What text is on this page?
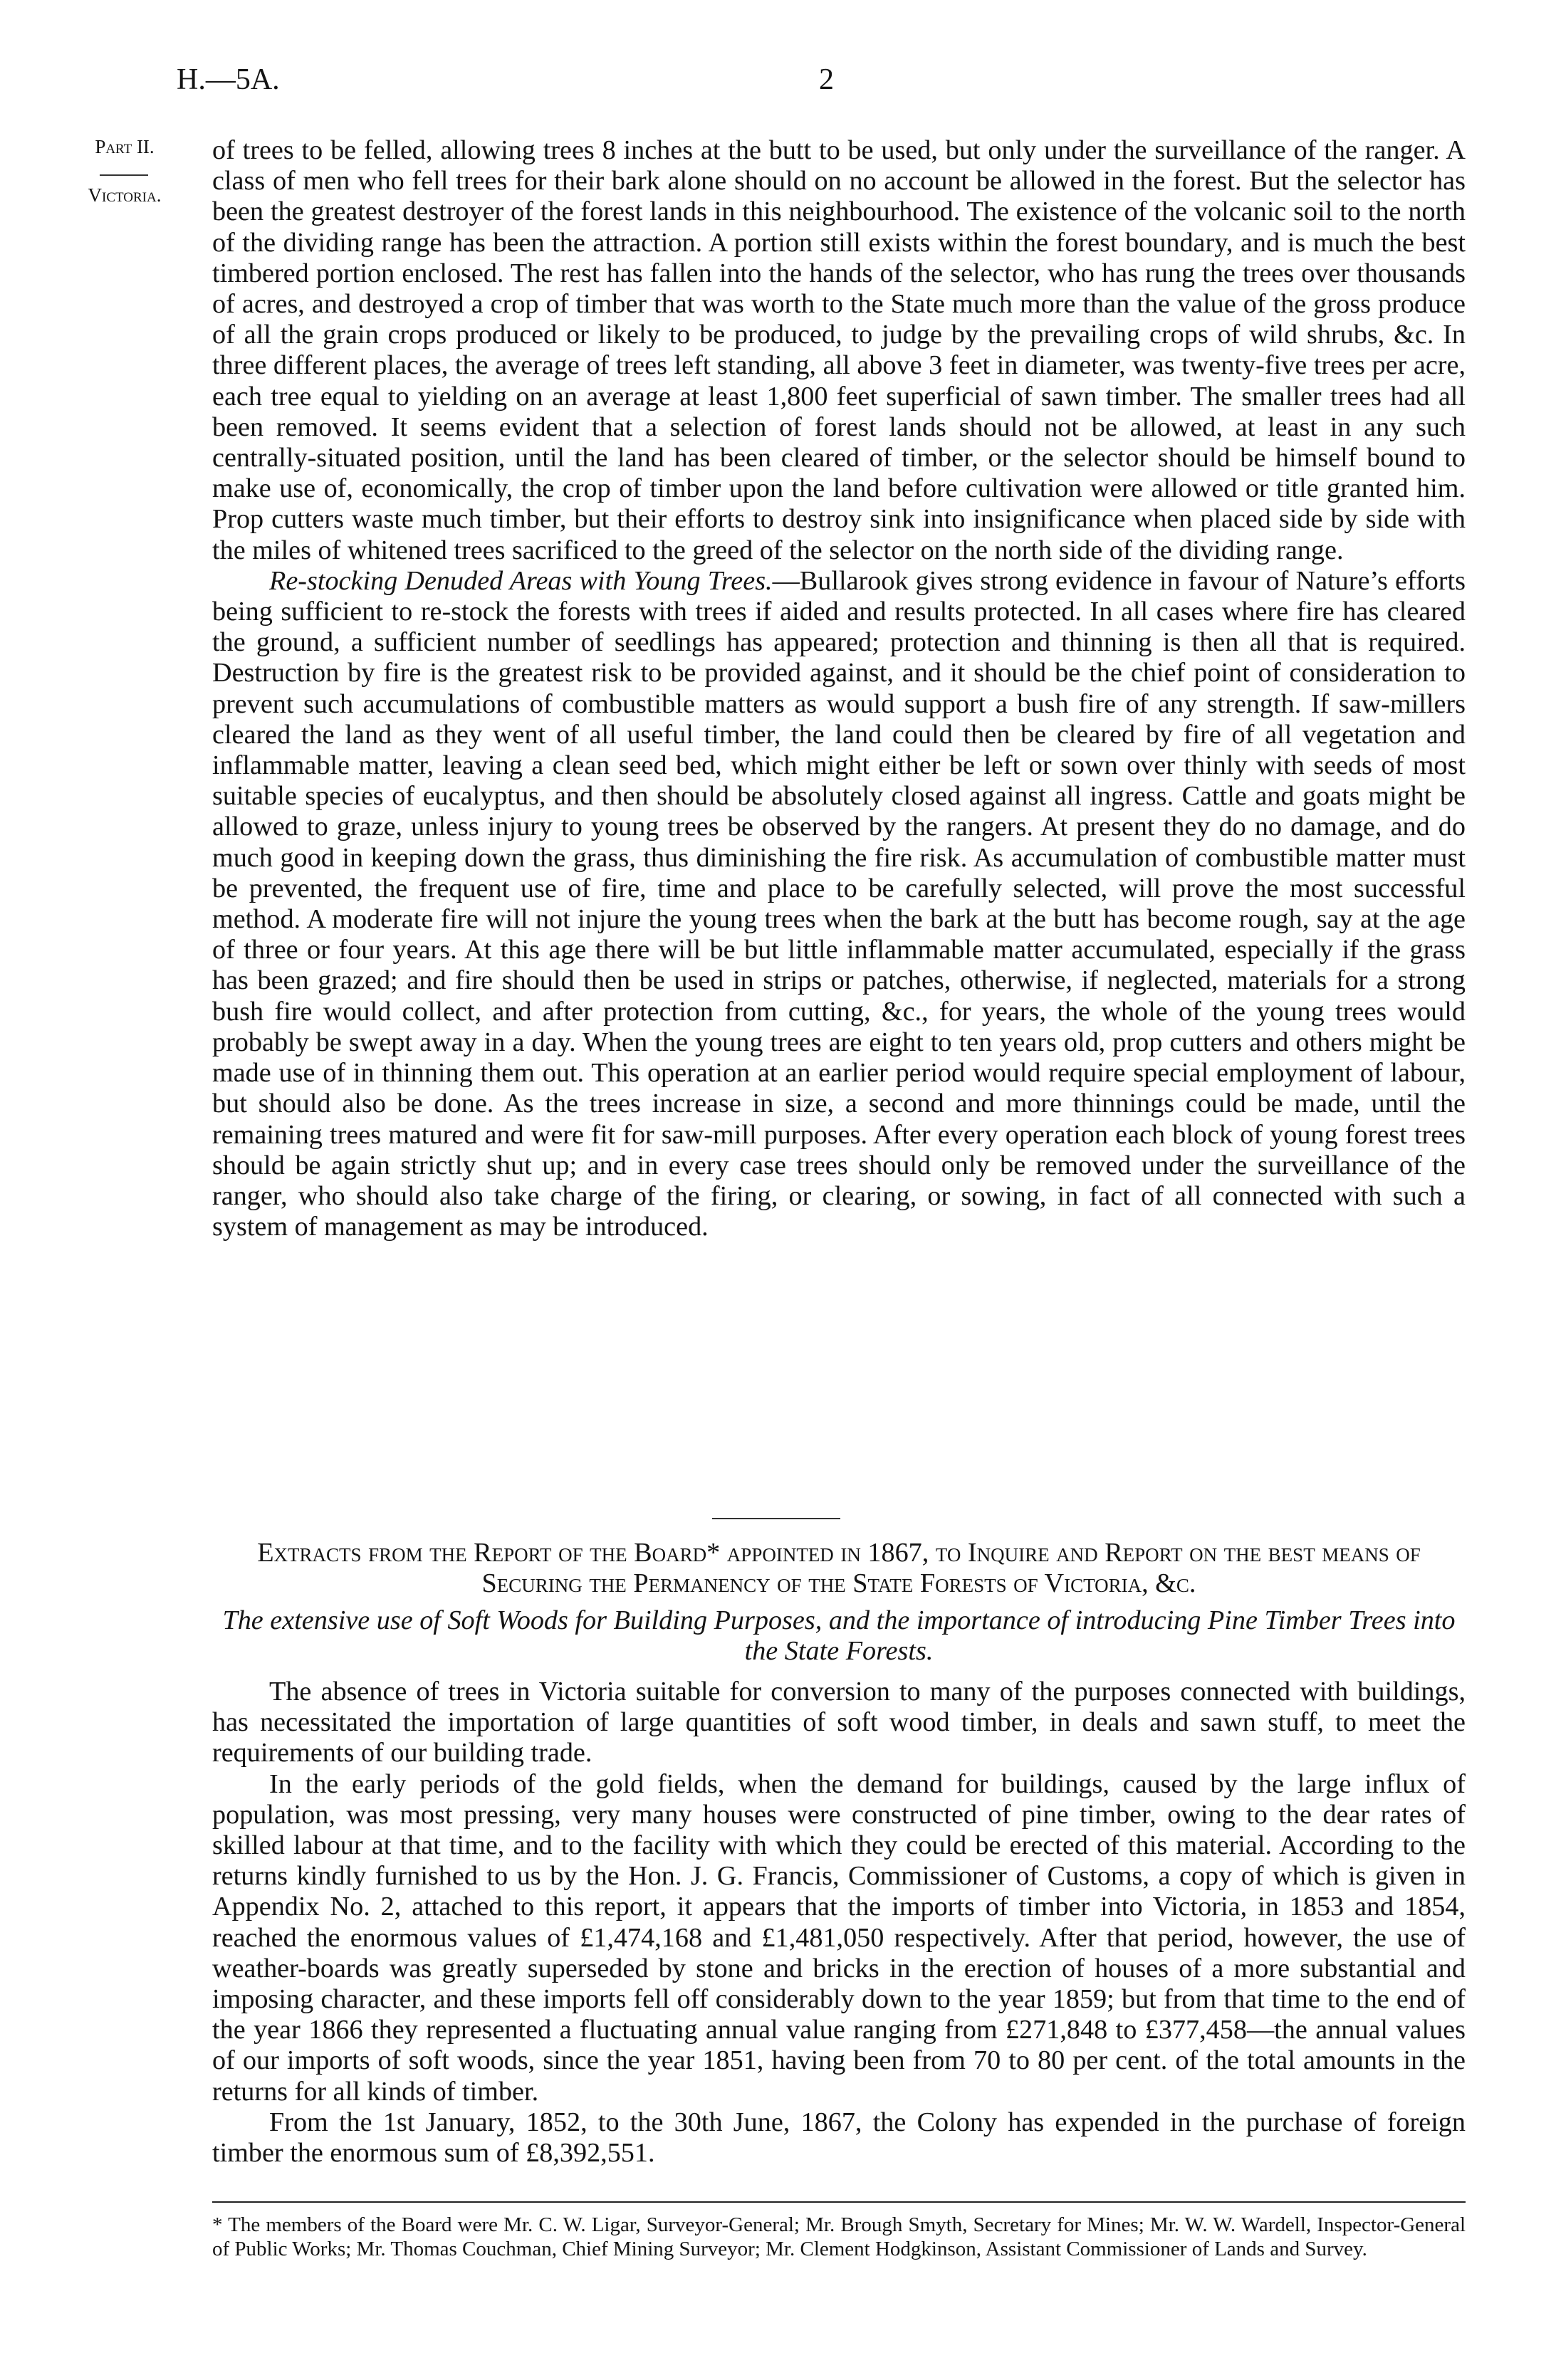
H.—5A.	2
Part II.
Victoria.

of trees to be felled, allowing trees 8 inches at the butt to be used, but only under the surveillance of the ranger. A class of men who fell trees for their bark alone should on no account be allowed in the forest. But the selector has been the greatest destroyer of the forest lands in this neighbourhood. The existence of the volcanic soil to the north of the dividing range has been the attraction. A portion still exists within the forest boundary, and is much the best timbered portion enclosed. The rest has fallen into the hands of the selector, who has rung the trees over thousands of acres, and destroyed a crop of timber that was worth to the State much more than the value of the gross produce of all the grain crops produced or likely to be produced, to judge by the prevailing crops of wild shrubs, &c. In three different places, the average of trees left standing, all above 3 feet in diameter, was twenty-five trees per acre, each tree equal to yielding on an average at least 1,800 feet superficial of sawn timber. The smaller trees had all been removed. It seems evident that a selection of forest lands should not be allowed, at least in any such centrally-situated position, until the land has been cleared of timber, or the selector should be himself bound to make use of, economically, the crop of timber upon the land before cultivation were allowed or title granted him. Prop cutters waste much timber, but their efforts to destroy sink into insignificance when placed side by side with the miles of whitened trees sacrificed to the greed of the selector on the north side of the dividing range.

Re-stocking Denuded Areas with Young Trees.—Bullarook gives strong evidence in favour of Nature’s efforts being sufficient to re-stock the forests with trees if aided and results protected. In all cases where fire has cleared the ground, a sufficient number of seedlings has appeared; protection and thinning is then all that is required. Destruction by fire is the greatest risk to be provided against, and it should be the chief point of consideration to prevent such accumulations of combustible matters as would support a bush fire of any strength. If saw-millers cleared the land as they went of all useful timber, the land could then be cleared by fire of all vegetation and inflammable matter, leaving a clean seed bed, which might either be left or sown over thinly with seeds of most suitable species of eucalyptus, and then should be absolutely closed against all ingress. Cattle and goats might be allowed to graze, unless injury to young trees be observed by the rangers. At present they do no damage, and do much good in keeping down the grass, thus diminishing the fire risk. As accumulation of combustible matter must be prevented, the frequent use of fire, time and place to be carefully selected, will prove the most successful method. A moderate fire will not injure the young trees when the bark at the butt has become rough, say at the age of three or four years. At this age there will be but little inflammable matter accumulated, especially if the grass has been grazed; and fire should then be used in strips or patches, otherwise, if neglected, materials for a strong bush fire would collect, and after protection from cutting, &c., for years, the whole of the young trees would probably be swept away in a day. When the young trees are eight to ten years old, prop cutters and others might be made use of in thinning them out. This operation at an earlier period would require special employment of labour, but should also be done. As the trees increase in size, a second and more thinnings could be made, until the remaining trees matured and were fit for saw-mill purposes. After every operation each block of young forest trees should be again strictly shut up; and in every case trees should only be removed under the surveillance of the ranger, who should also take charge of the firing, or clearing, or sowing, in fact of all connected with such a system of management as may be introduced.

Extracts from the Report of the Board* appointed in 1867, to Inquire and Report on the best means of Securing the Permanency of the State Forests of Victoria, &c.
The extensive use of Soft Woods for Building Purposes, and the importance of introducing Pine Timber Trees into the State Forests.

The absence of trees in Victoria suitable for conversion to many of the purposes connected with buildings, has necessitated the importation of large quantities of soft wood timber, in deals and sawn stuff, to meet the requirements of our building trade.

In the early periods of the gold fields, when the demand for buildings, caused by the large influx of population, was most pressing, very many houses were constructed of pine timber, owing to the dear rates of skilled labour at that time, and to the facility with which they could be erected of this material. According to the returns kindly furnished to us by the Hon. J. G. Francis, Commissioner of Customs, a copy of which is given in Appendix No. 2, attached to this report, it appears that the imports of timber into Victoria, in 1853 and 1854, reached the enormous values of £1,474,168 and £1,481,050 respectively. After that period, however, the use of weather-boards was greatly superseded by stone and bricks in the erection of houses of a more substantial and imposing character, and these imports fell off considerably down to the year 1859; but from that time to the end of the year 1866 they represented a fluctuating annual value ranging from £271,848 to £377,458—the annual values of our imports of soft woods, since the year 1851, having been from 70 to 80 per cent. of the total amounts in the returns for all kinds of timber.

From the 1st January, 1852, to the 30th June, 1867, the Colony has expended in the purchase of foreign timber the enormous sum of £8,392,551.

* The members of the Board were Mr. C. W. Ligar, Surveyor-General; Mr. Brough Smyth, Secretary for Mines; Mr. W. W. Wardell, Inspector-General of Public Works; Mr. Thomas Couchman, Chief Mining Surveyor; Mr. Clement Hodgkinson, Assistant Commissioner of Lands and Survey.
